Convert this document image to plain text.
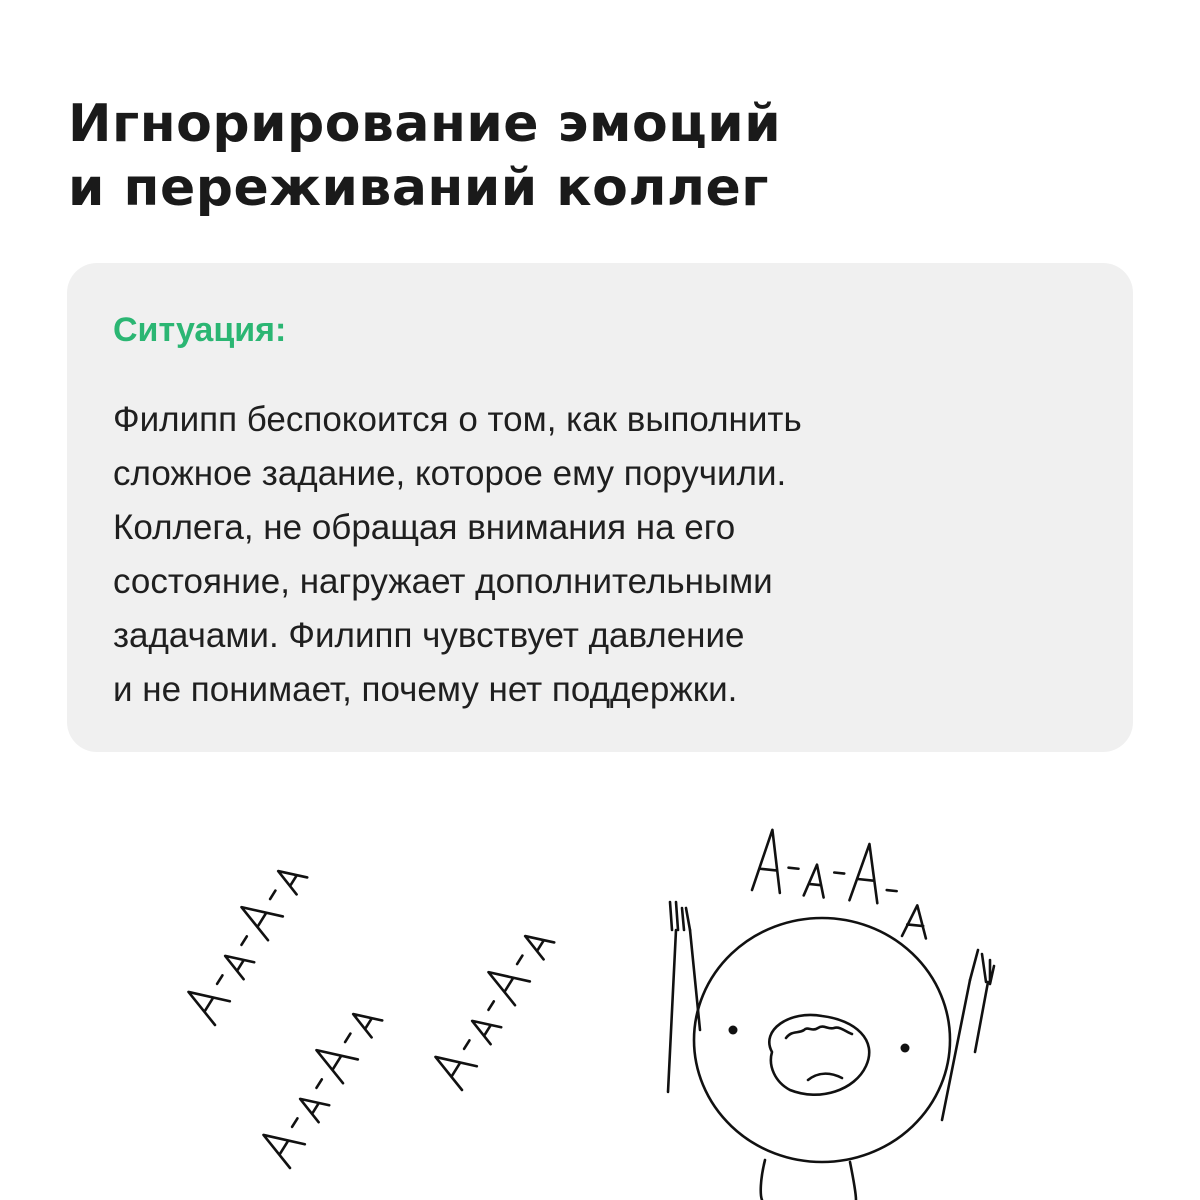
Игнорирование эмоций
и переживаний коллег

Ситуация:

Филипп беспокоится о том, как выполнить
сложное задание, которое ему поручили.
Коллега, не обращая внимания на его
состояние, нагружает дополнительными
задачами. Филипп чувствует давление
и не понимает, почему нет поддержки.
